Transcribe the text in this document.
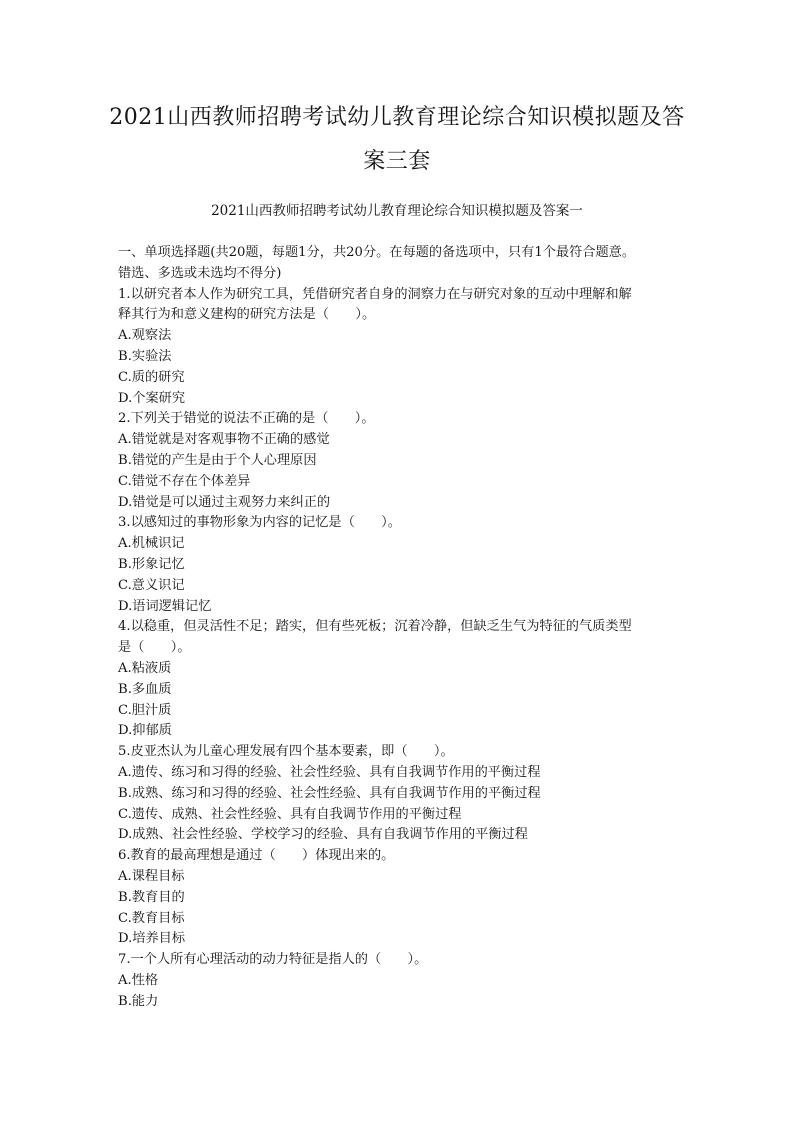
2021山西教师招聘考试幼儿教育理论综合知识模拟题及答
案三套
2021山西教师招聘考试幼儿教育理论综合知识模拟题及答案一
一、单项选择题(共20题，每题1分，共20分。在每题的备选项中，只有1个最符合题意。
错选、多选或未选均不得分)
1.以研究者本人作为研究工具，凭借研究者自身的洞察力在与研究对象的互动中理解和解
释其行为和意义建构的研究方法是（　　）。
A.观察法
B.实验法
C.质的研究
D.个案研究
2.下列关于错觉的说法不正确的是（　　）。
A.错觉就是对客观事物不正确的感觉
B.错觉的产生是由于个人心理原因
C.错觉不存在个体差异
D.错觉是可以通过主观努力来纠正的
3.以感知过的事物形象为内容的记忆是（　　）。
A.机械识记
B.形象记忆
C.意义识记
D.语词逻辑记忆
4.以稳重，但灵活性不足；踏实，但有些死板；沉着冷静，但缺乏生气为特征的气质类型
是（　　）。
A.粘液质
B.多血质
C.胆汁质
D.抑郁质
5.皮亚杰认为儿童心理发展有四个基本要素，即（　　）。
A.遗传、练习和习得的经验、社会性经验、具有自我调节作用的平衡过程
B.成熟、练习和习得的经验、社会性经验、具有自我调节作用的平衡过程
C.遗传、成熟、社会性经验、具有自我调节作用的平衡过程
D.成熟、社会性经验、学校学习的经验、具有自我调节作用的平衡过程
6.教育的最高理想是通过（　　）体现出来的。
A.课程目标
B.教育目的
C.教育目标
D.培养目标
7.一个人所有心理活动的动力特征是指人的（　　）。
A.性格
B.能力
